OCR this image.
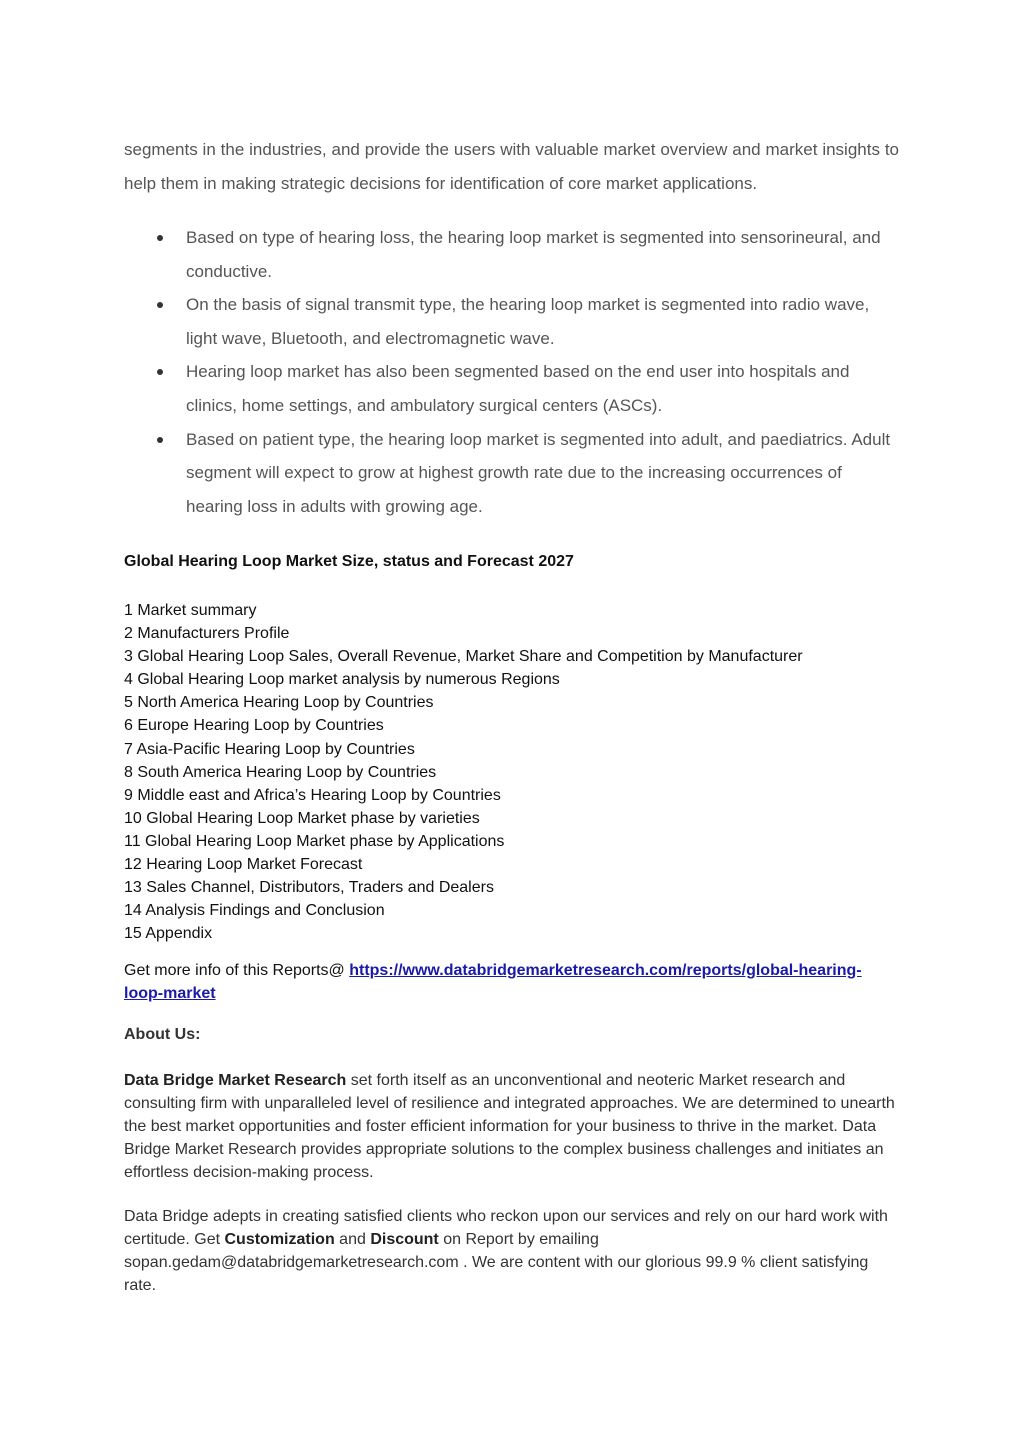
segments in the industries, and provide the users with valuable market overview and market insights to help them in making strategic decisions for identification of core market applications.

Based on type of hearing loss, the hearing loop market is segmented into sensorineural, and conductive.
On the basis of signal transmit type, the hearing loop market is segmented into radio wave, light wave, Bluetooth, and electromagnetic wave.
Hearing loop market has also been segmented based on the end user into hospitals and clinics, home settings, and ambulatory surgical centers (ASCs).
Based on patient type, the hearing loop market is segmented into adult, and paediatrics. Adult segment will expect to grow at highest growth rate due to the increasing occurrences of hearing loss in adults with growing age.

Global Hearing Loop Market Size, status and Forecast 2027

1 Market summary
2 Manufacturers Profile
3 Global Hearing Loop Sales, Overall Revenue, Market Share and Competition by Manufacturer
4 Global Hearing Loop market analysis by numerous Regions
5 North America Hearing Loop by Countries
6 Europe Hearing Loop by Countries
7 Asia-Pacific Hearing Loop by Countries
8 South America Hearing Loop by Countries
9 Middle east and Africa’s Hearing Loop by Countries
10 Global Hearing Loop Market phase by varieties
11 Global Hearing Loop Market phase by Applications
12 Hearing Loop Market Forecast
13 Sales Channel, Distributors, Traders and Dealers
14 Analysis Findings and Conclusion
15 Appendix

Get more info of this Reports@ https://www.databridgemarketresearch.com/reports/global-hearing-loop-market

About Us:

Data Bridge Market Research set forth itself as an unconventional and neoteric Market research and consulting firm with unparalleled level of resilience and integrated approaches. We are determined to unearth the best market opportunities and foster efficient information for your business to thrive in the market. Data Bridge Market Research provides appropriate solutions to the complex business challenges and initiates an effortless decision-making process.

Data Bridge adepts in creating satisfied clients who reckon upon our services and rely on our hard work with certitude. Get Customization and Discount on Report by emailing sopan.gedam@databridgemarketresearch.com . We are content with our glorious 99.9 % client satisfying rate.
